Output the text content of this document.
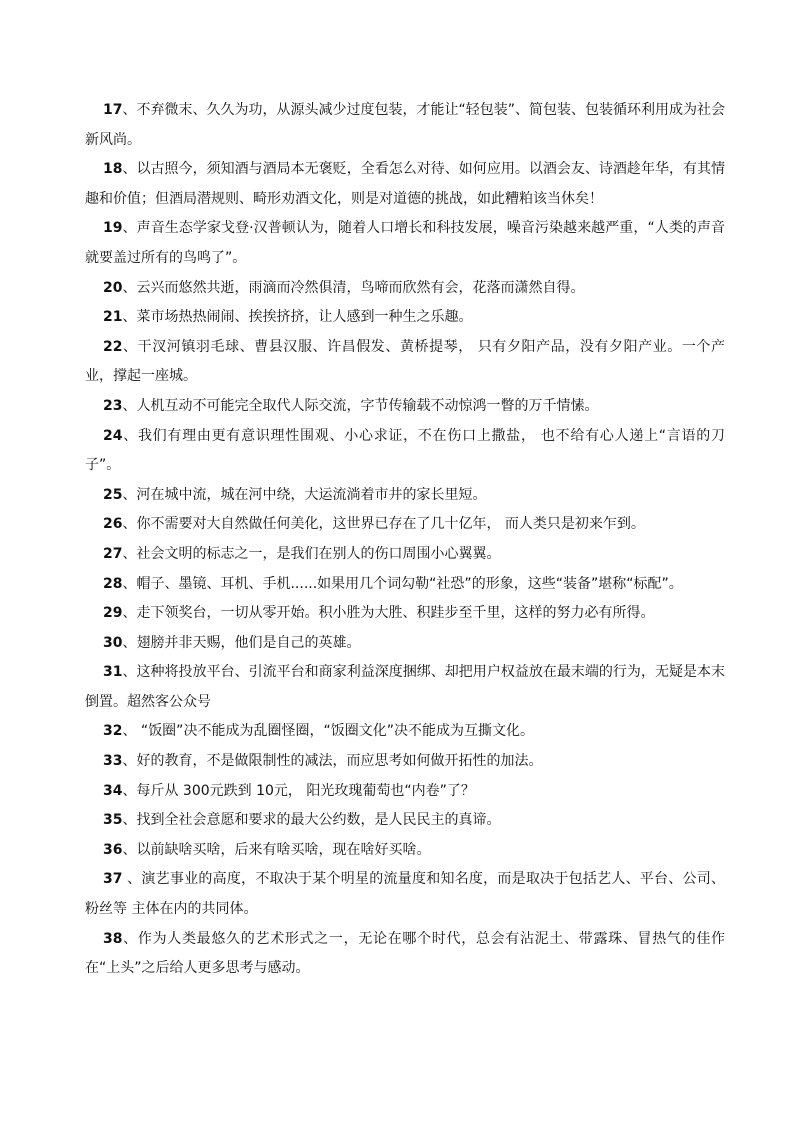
17、不弃微末、久久为功，从源头减少过度包装，才能让“轻包装”、简包装、包装循环利用成为社会新风尚。

18、以古照今，须知酒与酒局本无褒贬，全看怎么对待、如何应用。以酒会友、诗酒趁年华，有其情趣和价值；但酒局潜规则、畸形劝酒文化，则是对道德的挑战，如此糟粕该当休矣！

19、声音生态学家戈登·汉普顿认为，随着人口增长和科技发展，噪音污染越来越严重，“人类的声音就要盖过所有的鸟鸣了”。

20、云兴而悠然共逝，雨滴而冷然俱清，鸟啼而欣然有会，花落而潇然自得。

21、菜市场热热闹闹、挨挨挤挤，让人感到一种生之乐趣。

22、干汊河镇羽毛球、曹县汉服、许昌假发、黄桥提琴， 只有夕阳产品，没有夕阳产业。一个产业，撑起一座城。

23、人机互动不可能完全取代人际交流，字节传输载不动惊鸿一瞥的万千情愫。

24、我们有理由更有意识理性围观、小心求证，不在伤口上撒盐， 也不给有心人递上“言语的刀子”。

25、河在城中流，城在河中绕，大运流淌着市井的家长里短。

26、你不需要对大自然做任何美化，这世界已存在了几十亿年， 而人类只是初来乍到。

27、社会文明的标志之一，是我们在别人的伤口周围小心翼翼。

28、帽子、墨镜、耳机、手机......如果用几个词勾勒“社恐”的形象，这些“装备”堪称“标配”。

29、走下领奖台，一切从零开始。积小胜为大胜、积跬步至千里，这样的努力必有所得。

30、翅膀并非天赐，他们是自己的英雄。

31、这种将投放平台、引流平台和商家利益深度捆绑、却把用户权益放在最末端的行为，无疑是本末倒置。超然客公众号

32、 “饭圈”决不能成为乱圈怪圈，“饭圈文化”决不能成为互撕文化。

33、好的教育，不是做限制性的减法，而应思考如何做开拓性的加法。

34、每斤从 300元跌到 10元， 阳光玫瑰葡萄也“内卷”了？

35、找到全社会意愿和要求的最大公约数，是人民民主的真谛。

36、以前缺啥买啥，后来有啥买啥，现在啥好买啥。

37 、演艺事业的高度，不取决于某个明星的流量度和知名度，而是取决于包括艺人、平台、公司、粉丝等 主体在内的共同体。

38、作为人类最悠久的艺术形式之一，无论在哪个时代，总会有沾泥土、带露珠、冒热气的佳作在“上头”之后给人更多思考与感动。
